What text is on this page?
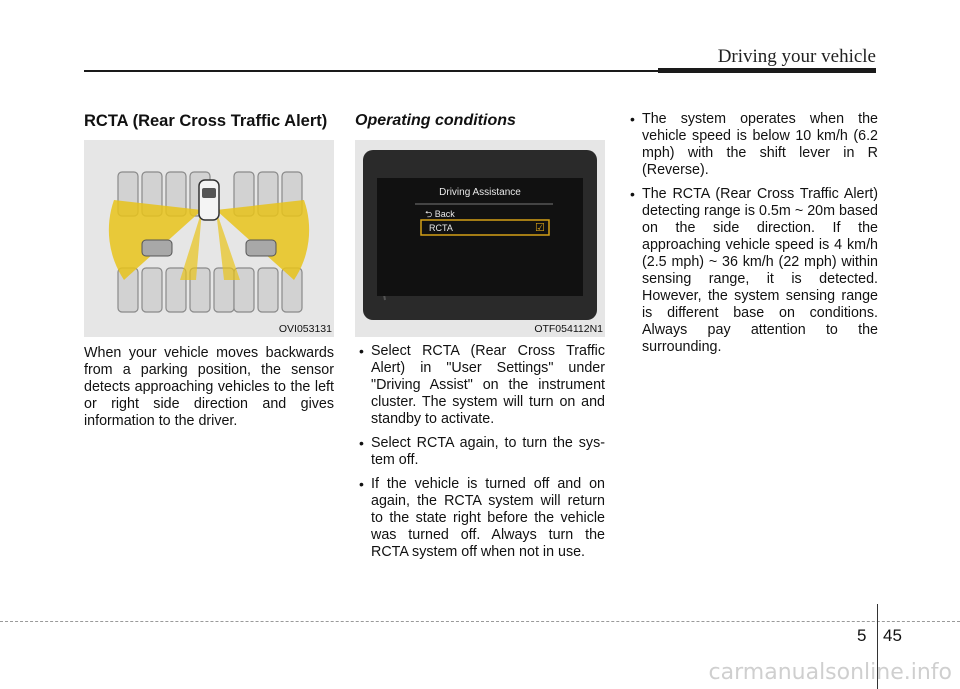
Driving your vehicle
RCTA (Rear Cross Traffic Alert)
OVI053131

When your vehicle moves backwards from a parking position, the sensor detects approaching vehicles to the left or right side direction and gives information to the driver.

Operating conditions
Driving Assistance
⮌ Back
RCTA	☑
OTF054112N1
• Select RCTA (Rear Cross Traffic Alert) in "User Settings" under "Driving Assist" on the instrument cluster. The system will turn on and standby to activate.
• Select RCTA again, to turn the sys- tem off.
• If the vehicle is turned off and on again, the RCTA system will return to the state right before the vehicle was turned off. Always turn the RCTA system off when not in use.
• The system operates when the vehicle speed is below 10 km/h (6.2 mph) with the shift lever in R (Reverse).
• The RCTA (Rear Cross Traffic Alert) detecting range is 0.5m ~ 20m based on the side direction. If the approaching vehicle speed is 4 km/h (2.5 mph) ~ 36 km/h (22 mph) within sensing range, it is detected. However, the system sensing range is different base on conditions. Always pay attention to the surrounding.
5 45
carmanualsonline.info
